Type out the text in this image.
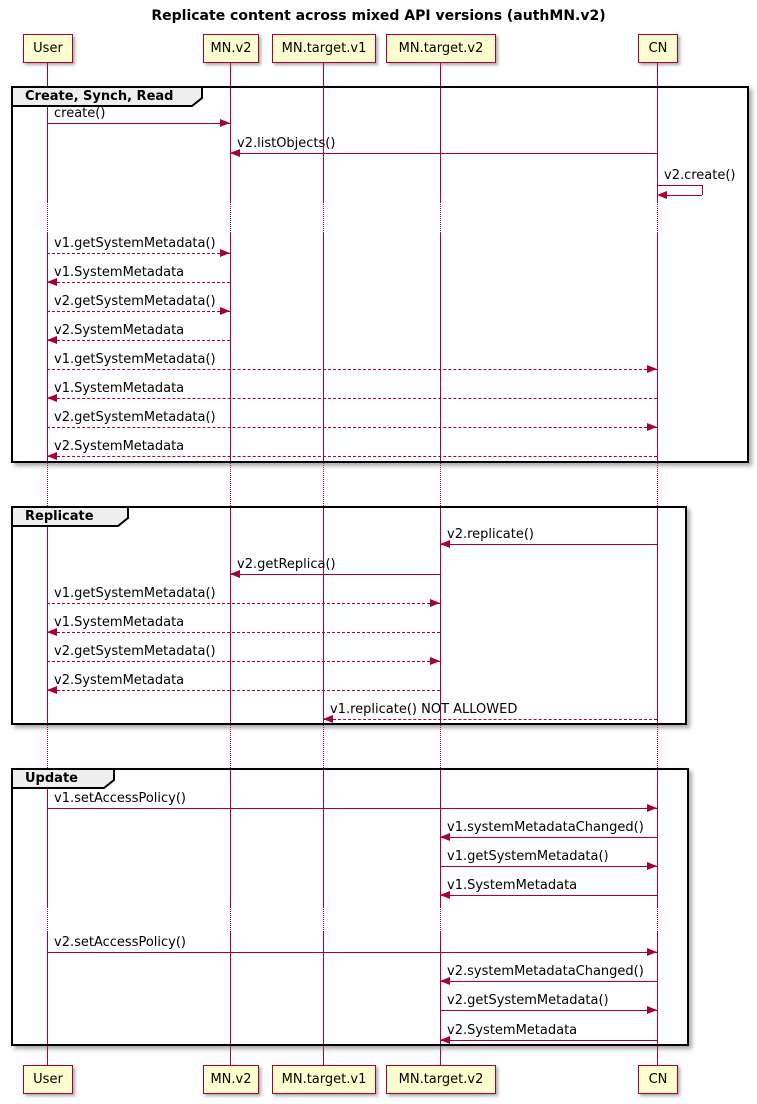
Replicate content across mixed API versions (authMN.v2)
Create, Synch, Read
Replicate
Update
create()
v2.listObjects()
v2.create()
v1.getSystemMetadata()
v1.SystemMetadata
v2.getSystemMetadata()
v2.SystemMetadata
v1.getSystemMetadata()
v1.SystemMetadata
v2.getSystemMetadata()
v2.SystemMetadata
v2.replicate()
v2.getReplica()
v1.getSystemMetadata()
v1.SystemMetadata
v2.getSystemMetadata()
v2.SystemMetadata
v1.replicate() NOT ALLOWED
v1.setAccessPolicy()
v1.systemMetadataChanged()
v1.getSystemMetadata()
v1.SystemMetadata
v2.setAccessPolicy()
v2.systemMetadataChanged()
v2.getSystemMetadata()
v2.SystemMetadata
User
User
MN.v2
MN.v2
MN.target.v1
MN.target.v1
MN.target.v2
MN.target.v2
CN
CN
